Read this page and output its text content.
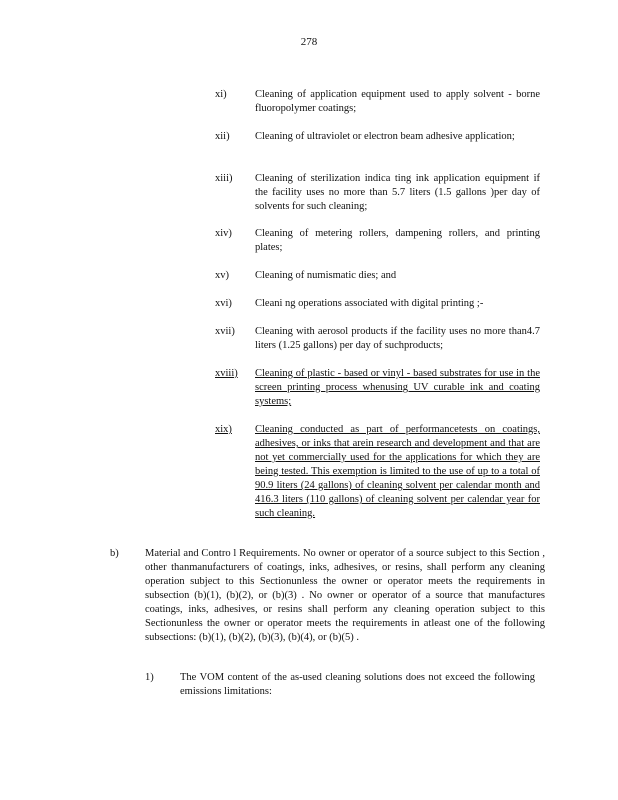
278
xi)	Cleaning of application equipment used to apply solvent - borne fluoropolymer coatings;
xii) Cleaning of ultraviolet or electron beam adhesive application;
xiii) Cleaning of sterilization indica ting ink application equipment if the facility uses no more than 5.7 liters (1.5 gallons )per day of solvents for such cleaning;
xiv) Cleaning of metering rollers, dampening rollers, and printing plates;
xv) Cleaning of numismatic dies; and
xvi) Cleani ng operations associated with digital printing ;-
xvii) Cleaning with aerosol products if the facility uses no more than4.7 liters (1.25 gallons) per day of suchproducts;
xviii) Cleaning of plastic - based or vinyl - based substrates for use in the screen printing process whenusing UV curable ink and coating systems;
xix) Cleaning conducted as part of performancetests on coatings, adhesives, or inks that arein research and development and that are not yet commercially used for the applications for which they are being tested. This exemption is limited to the use of up to a total of 90.9 liters (24 gallons) of cleaning solvent per calendar month and 416.3 liters (110 gallons) of cleaning solvent per calendar year for such cleaning.
b)	Material and Contro l Requirements. No owner or operator of a source subject to this Section , other thanmanufacturers of coatings, inks, adhesives, or resins, shall perform any cleaning operation subject to this Sectionunless the owner or operator meets the requirements in subsection (b)(1), (b)(2), or (b)(3) . No owner or operator of a source that manufactures coatings, inks, adhesives, or resins shall perform any cleaning operation subject to this Sectionunless the owner or operator meets the requirements in atleast one of the following subsections: (b)(1), (b)(2), (b)(3), (b)(4), or (b)(5) .
1)	The VOM content of the as-used cleaning solutions does not exceed the following emissions limitations:
